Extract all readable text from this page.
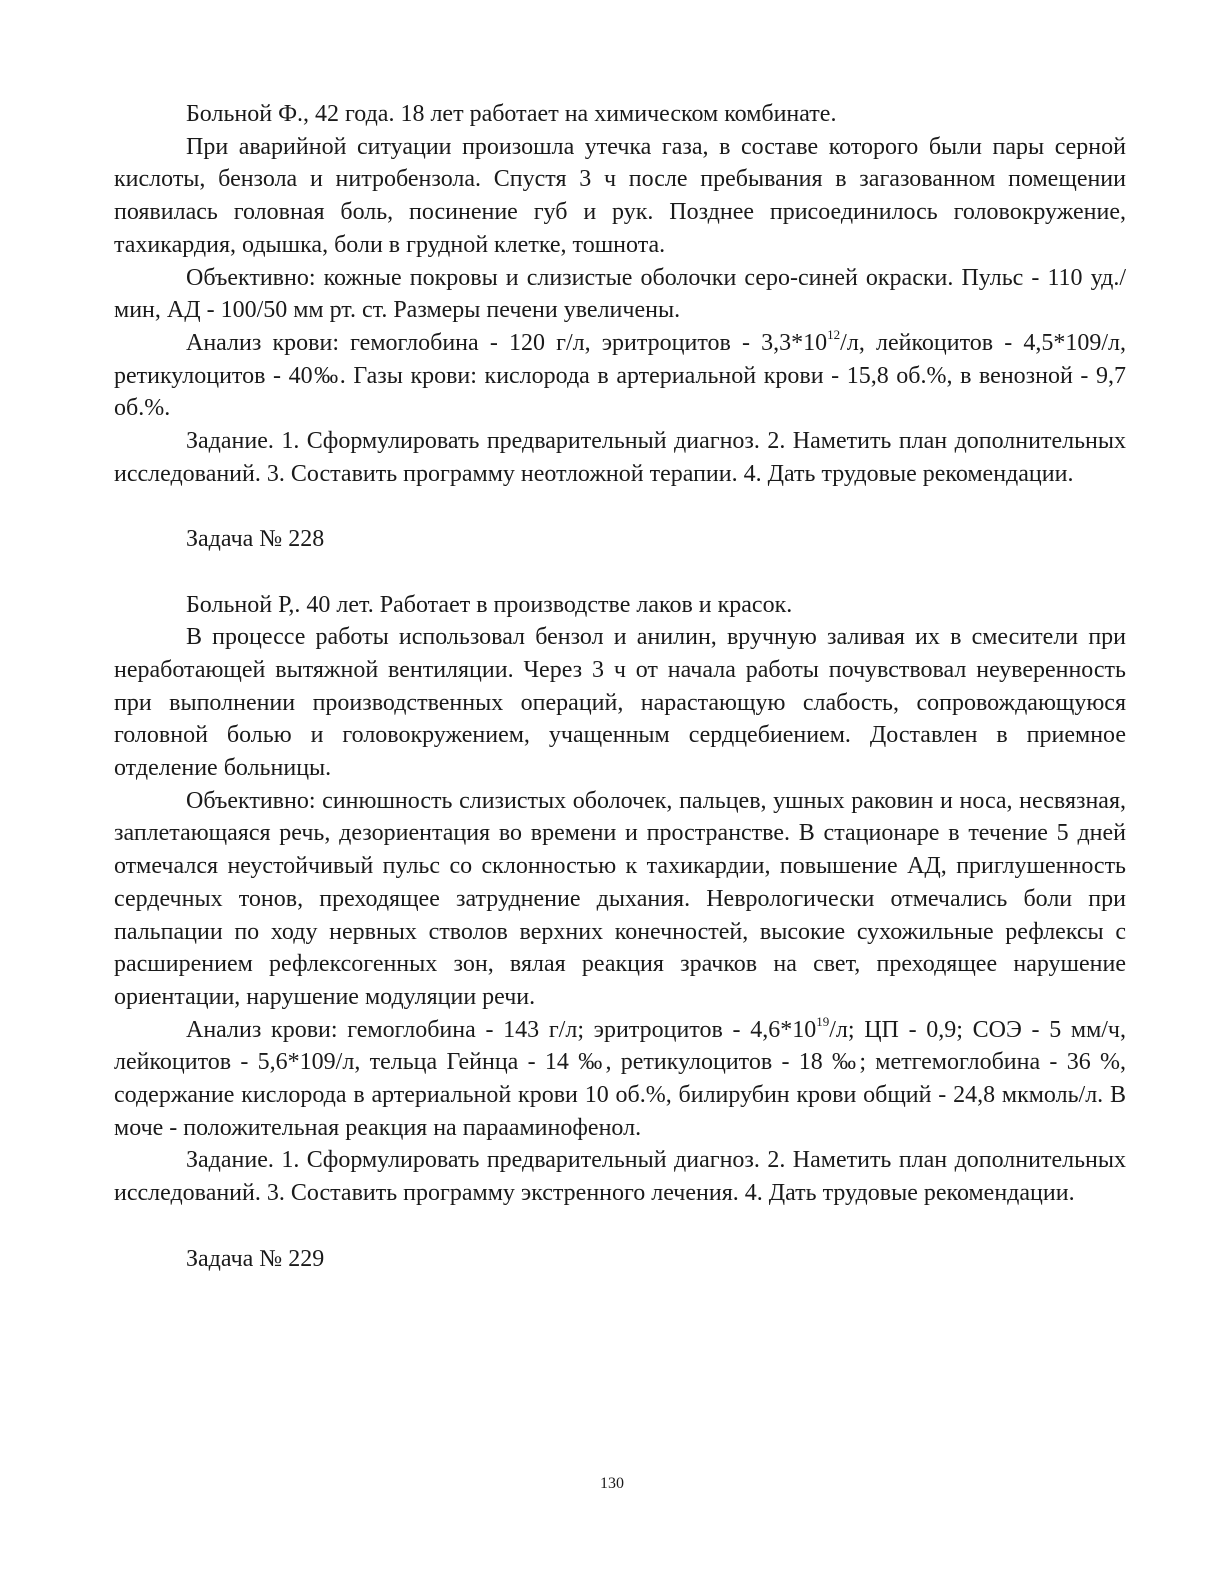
Больной Ф., 42 года. 18 лет работает на химическом комбинате.

При аварийной ситуации произошла утечка газа, в составе которого были пары серной кислоты, бензола и нитробензола. Спустя 3 ч после пребывания в загазованном помещении появилась головная боль, посинение губ и рук. Позднее присоединилось головокружение, тахикардия, одышка, боли в грудной клетке, тошнота.

Объективно: кожные покровы и слизистые оболочки серо-синей окраски. Пульс - 110 уд./мин, АД - 100/50 мм рт. ст. Размеры печени увеличены.

Анализ крови: гемоглобина - 120 г/л, эритроцитов - $3,3*10^{12}/л$, лейкоцитов - 4,5*109/л, ретикулоцитов - 40‰. Газы крови: кислорода в артериальной крови - 15,8 об.%, в венозной - 9,7 об.%.

Задание. 1. Сформулировать предварительный диагноз. 2. Наметить план дополнительных исследований. 3. Составить программу неотложной терапии. 4. Дать трудовые рекомендации.

Задача № 228

Больной Р,. 40 лет. Работает в производстве лаков и красок.

В процессе работы использовал бензол и анилин, вручную заливая их в смесители при неработающей вытяжной вентиляции. Через 3 ч от начала работы почувствовал неуверенность при выполнении производственных операций, нарастающую слабость, сопровождающуюся головной болью и головокружением, учащенным сердцебиением. Доставлен в приемное отделение больницы.

Объективно: синюшность слизистых оболочек, пальцев, ушных раковин и носа, несвязная, заплетающаяся речь, дезориентация во времени и пространстве. В стационаре в течение 5 дней отмечался неустойчивый пульс со склонностью к тахикардии, повышение АД, приглушенность сердечных тонов, преходящее затруднение дыхания. Неврологически отмечались боли при пальпации по ходу нервных стволов верхних конечностей, высокие сухожильные рефлексы с расширением рефлексогенных зон, вялая реакция зрачков на свет, преходящее нарушение ориентации, нарушение модуляции речи.

Анализ крови: гемоглобина - 143 г/л; эритроцитов - $4,6*10^{19}/л$; ЦП - 0,9; СОЭ - 5 мм/ч, лейкоцитов - 5,6*109/л, тельца Гейнца - 14 ‰, ретикулоцитов - 18 ‰; метгемоглобина - 36 %, содержание кислорода в артериальной крови 10 об.%, билирубин крови общий - 24,8 мкмоль/л. В моче - положительная реакция на парааминофенол.

Задание. 1. Сформулировать предварительный диагноз. 2. Наметить план дополнительных исследований. 3. Составить программу экстренного лечения. 4. Дать трудовые рекомендации.

Задача № 229

130
